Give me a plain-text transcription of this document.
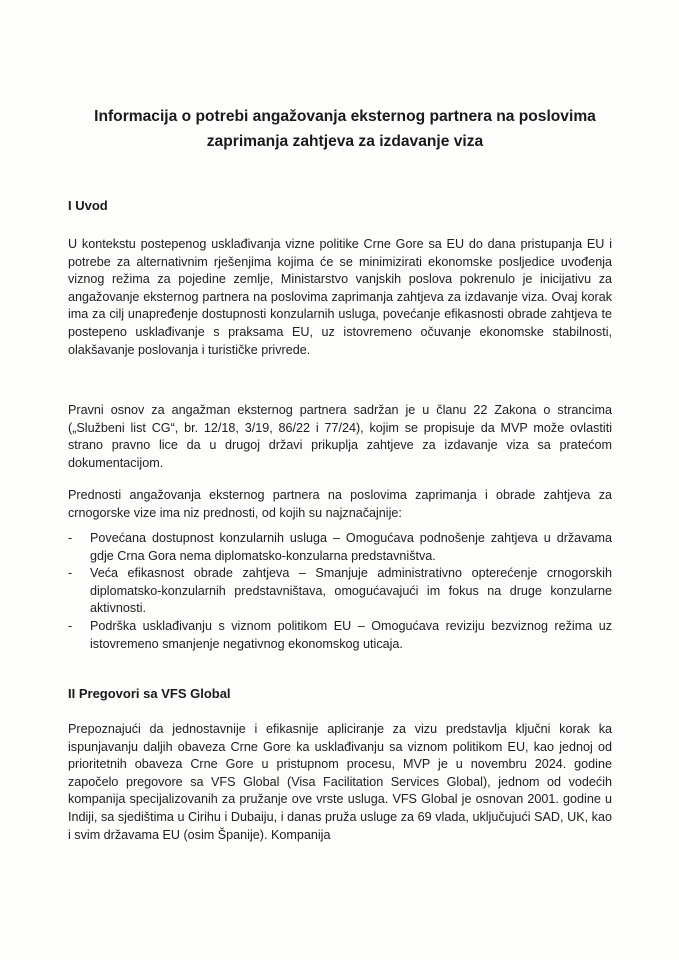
Informacija o potrebi angažovanja eksternog partnera na poslovima
zaprimanja zahtjeva za izdavanje viza
I Uvod
U kontekstu postepenog usklađivanja vizne politike Crne Gore sa EU do dana pristupanja EU i potrebe za alternativnim rješenjima kojima će se minimizirati ekonomske posljedice uvođenja viznog režima za pojedine zemlje, Ministarstvo vanjskih poslova pokrenulo je inicijativu za angažovanje eksternog partnera na poslovima zaprimanja zahtjeva za izdavanje viza. Ovaj korak ima za cilj unapređenje dostupnosti konzularnih usluga, povećanje efikasnosti obrade zahtjeva te postepeno usklađivanje s praksama EU, uz istovremeno očuvanje ekonomske stabilnosti, olakšavanje poslovanja i turističke privrede.
Pravni osnov za angažman eksternog partnera sadržan je u članu 22 Zakona o strancima („Službeni list CG“, br. 12/18, 3/19, 86/22 i 77/24), kojim se propisuje da MVP može ovlastiti strano pravno lice da u drugoj državi prikuplja zahtjeve za izdavanje viza sa pratećom dokumentacijom.
Prednosti angažovanja eksternog partnera na poslovima zaprimanja i obrade zahtjeva za crnogorske vize ima niz prednosti, od kojih su najznačajnije:
- Povećana dostupnost konzularnih usluga – Omogućava podnošenje zahtjeva u državama gdje Crna Gora nema diplomatsko-konzularna predstavništva.
- Veća efikasnost obrade zahtjeva – Smanjuje administrativno opterećenje crnogorskih diplomatsko-konzularnih predstavništava, omogućavajući im fokus na druge konzularne aktivnosti.
- Podrška usklađivanju s viznom politikom EU – Omogućava reviziju bezviznog režima uz istovremeno smanjenje negativnog ekonomskog uticaja.
II Pregovori sa VFS Global
Prepoznajući da jednostavnije i efikasnije apliciranje za vizu predstavlja ključni korak ka ispunjavanju daljih obaveza Crne Gore ka usklađivanju sa viznom politikom EU, kao jednoj od prioritetnih obaveza Crne Gore u pristupnom procesu, MVP je u novembru 2024. godine započelo pregovore sa VFS Global (Visa Facilitation Services Global), jednom od vodećih kompanija specijalizovanih za pružanje ove vrste usluga. VFS Global je osnovan 2001. godine u Indiji, sa sjedištima u Cirihu i Dubaiju, i danas pruža usluge za 69 vlada, uključujući SAD, UK, kao i svim državama EU (osim Španije). Kompanija
